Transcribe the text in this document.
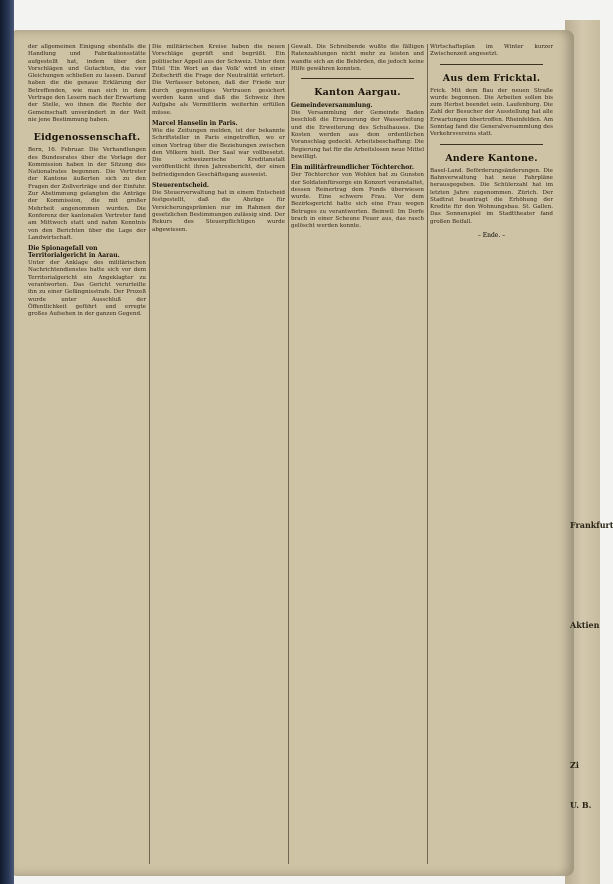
der allgemeinen Einigung ebenfalls die Handlung und Fabrikationsstätte aufgestellt hat, indem über den Vorschlägen und Gutachten, die vier Gleichungen schließen zu lassen. Darauf haben die die genaue Erklärung der Betreffenden, wie man sich in dem Vertrage den Lesern nach der Erwartung der Stelle, wo ihnen die Rechte der Gemeinschaft unverändert in der Welt nie jene Bestimmung haben.
Eidgenossenschaft.
Bern, 16. Februar. Die Verhandlungen des Bundesrates über die Vorlage der Kommission haben in der Sitzung des Nationalrates begonnen. Die Vertreter der Kantone äußerten sich zu den Fragen der Zollverträge und der Einfuhr. Zur Abstimmung gelangten die Anträge der Kommission, die mit großer Mehrheit angenommen wurden. Die Konferenz der kantonalen Vertreter fand am Mittwoch statt und nahm Kenntnis von den Berichten über die Lage der Landwirtschaft.
Die Spionagefall von Territorialgericht in Aarau.
Unter der Anklage des militärischen Nachrichtendienstes hatte sich vor dem Territorialgericht ein Angeklagter zu verantworten. Das Gericht verurteilte ihn zu einer Gefängnisstrafe. Der Prozeß wurde unter Ausschluß der Öffentlichkeit geführt und erregte großes Aufsehen in der ganzen Gegend.
Die militärischen Kreise haben die neuen Vorschläge geprüft und begrüßt. Ein politischer Appell aus der Schweiz. Unter dem Titel 'Ein Wort an das Volk' wird in einer Zeitschrift die Frage der Neutralität erörtert. Die Verfasser betonen, daß der Friede nur durch gegenseitiges Vertrauen gesichert werden kann und daß die Schweiz ihre Aufgabe als Vermittlerin weiterhin erfüllen müsse.
Marcel Hanselin in Paris.
Wie die Zeitungen melden, ist der bekannte Schriftsteller in Paris eingetroffen, wo er einen Vortrag über die Beziehungen zwischen den Völkern hielt. Der Saal war vollbesetzt. Die schweizerische Kreditanstalt veröffentlicht ihren Jahresbericht, der einen befriedigenden Geschäftsgang ausweist.
Steuerentscheid.
Die Steuerverwaltung hat in einem Entscheid festgestellt, daß die Abzüge für Versicherungsprämien nur im Rahmen der gesetzlichen Bestimmungen zulässig sind. Der Rekurs des Steuerpflichtigen wurde abgewiesen.
Gewalt. Die Schreibende wußte die fälligen Ratenzahlungen nicht mehr zu leisten und wandte sich an die Behörden, die jedoch keine Hilfe gewähren konnten.
Kanton Aargau.
Gemeindeversammlung.
Die Versammlung der Gemeinde Baden beschloß die Erneuerung der Wasserleitung und die Erweiterung des Schulhauses. Die Kosten werden aus dem ordentlichen Voranschlag gedeckt. Arbeitsbeschaffung: Die Regierung hat für die Arbeitslosen neue Mittel bewilligt.
Ein militärfreundlicher Töchterchor.
Der Töchterchor von Wohlen hat zu Gunsten der Soldatenfürsorge ein Konzert veranstaltet, dessen Reinertrag dem Fonds überwiesen wurde. Eine schwere Frau. Vor dem Bezirksgericht hatte sich eine Frau wegen Betruges zu verantworten. Beinwil: Im Dorfe brach in einer Scheune Feuer aus, das rasch gelöscht werden konnte.
Wirtschaftsplan im Winter kurzer Zwischenzeit angesetzt.
Aus dem Fricktal.
Frick. Mit dem Bau der neuen Straße wurde begonnen. Die Arbeiten sollen bis zum Herbst beendet sein. Laufenburg. Die Zahl der Besucher der Ausstellung hat alle Erwartungen übertroffen. Rheinfelden. Am Sonntag fand die Generalversammlung des Verkehrsvereins statt.
Andere Kantone.
Basel-Land. Beförderungsänderungen. Die Bahnverwaltung hat neue Fahrpläne herausgegeben. Die Schülerzahl hat im letzten Jahre zugenommen. Zürich. Der Stadtrat beantragt die Erhöhung der Kredite für den Wohnungsbau. St. Gallen. Das Sonnenspiel im Stadttheater fand großen Beifall.
– Ende. –
Frankfurt
Aktien
Zi
U. B.
